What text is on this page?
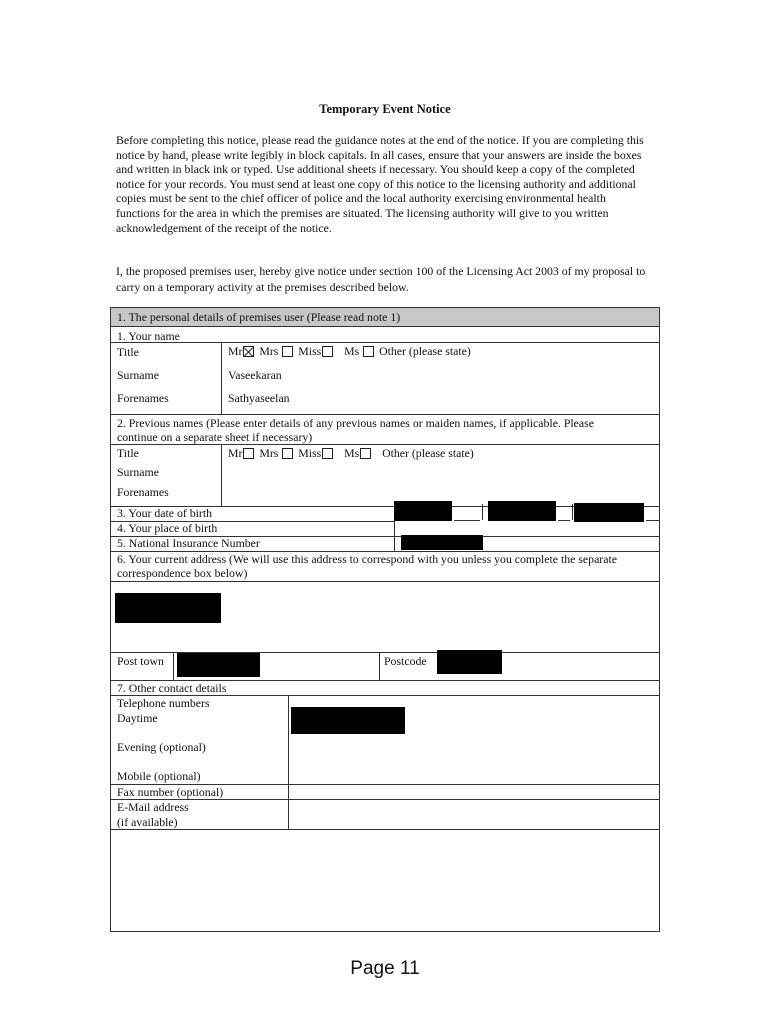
Temporary Event Notice

Before completing this notice, please read the guidance notes at the end of the notice. If you are completing this notice by hand, please write legibly in block capitals. In all cases, ensure that your answers are inside the boxes and written in black ink or typed. Use additional sheets if necessary. You should keep a copy of the completed notice for your records. You must send at least one copy of this notice to the licensing authority and additional copies must be sent to the chief officer of police and the local authority exercising environmental health functions for the area in which the premises are situated. The licensing authority will give to you written acknowledgement of the receipt of the notice.

I, the proposed premises user, hereby give notice under section 100 of the Licensing Act 2003 of my proposal to carry on a temporary activity at the premises described below.

1. The personal details of premises user (Please read note 1)
1. Your name
Title	Mr Mrs Miss Ms Other (please state)
Surname	Vaseekaran
Forenames	Sathyaseelan
2. Previous names (Please enter details of any previous names or maiden names, if applicable. Please continue on a separate sheet if necessary)
Title	Mr Mrs Miss Ms Other (please state)
Surname
Forenames
3. Your date of birth
4. Your place of birth
5. National Insurance Number
6. Your current address (We will use this address to correspond with you unless you complete the separate correspondence box below)
Post town	Postcode
7. Other contact details
Telephone numbers
Daytime
Evening (optional)
Mobile (optional)
Fax number (optional)
E-Mail address
(if available)
Page 11
